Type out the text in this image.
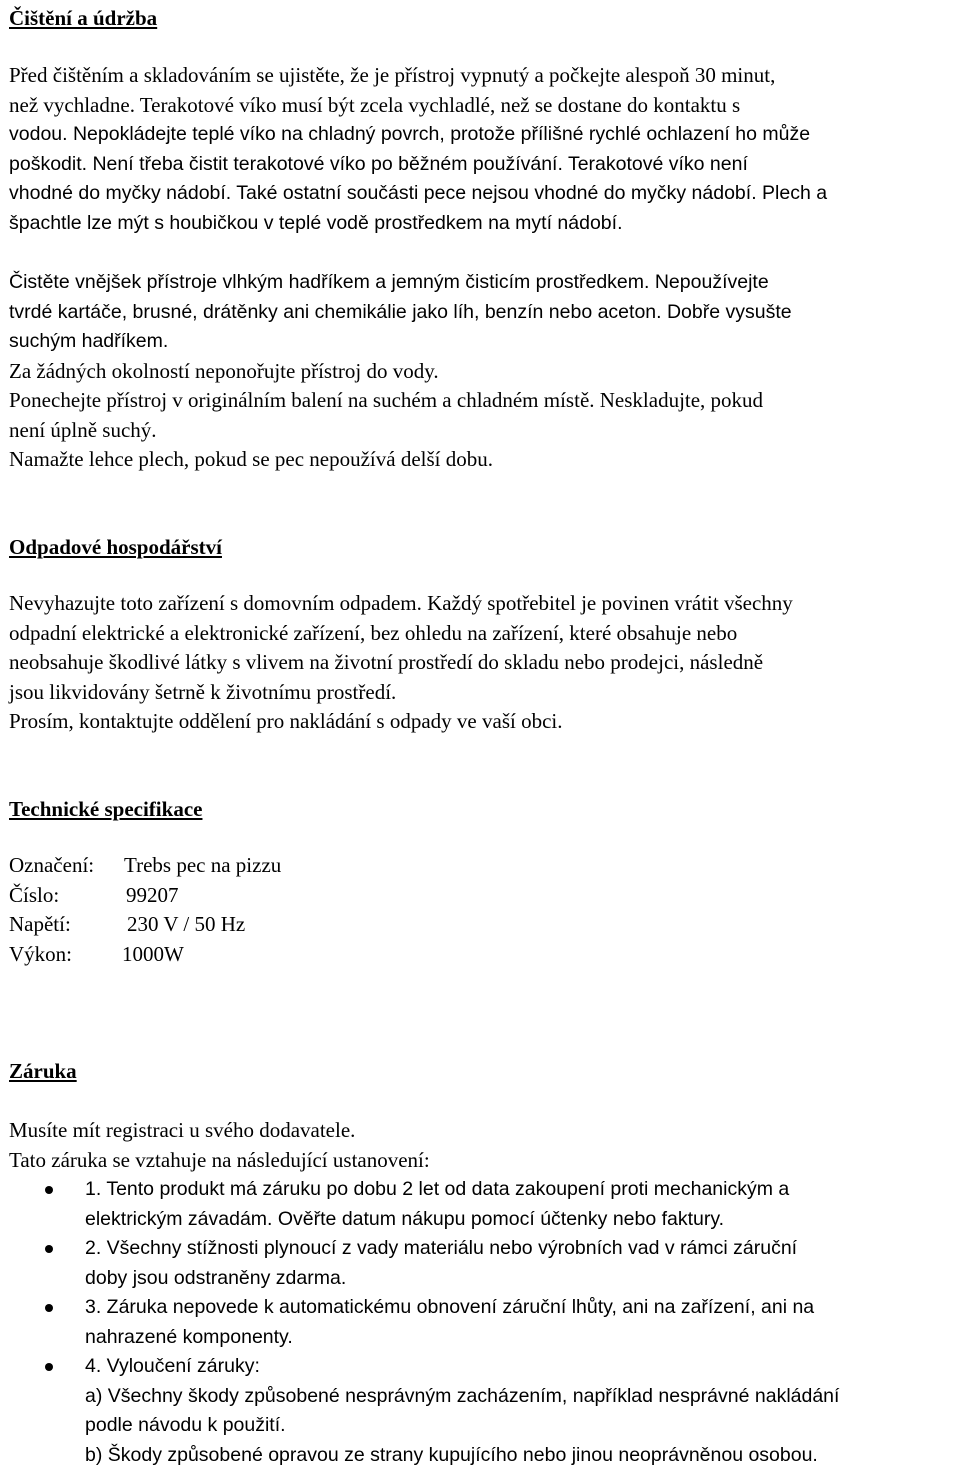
Čištění a údržba
Před čištěním a skladováním se ujistěte, že je přístroj vypnutý a počkejte alespoň 30 minut,
než vychladne. Terakotové víko musí být zcela vychladlé, než se dostane do kontaktu s
vodou. Nepokládejte teplé víko na chladný povrch, protože přílišné rychlé ochlazení ho může
poškodit. Není třeba čistit terakotové víko po běžném používání. Terakotové víko není
vhodné do myčky nádobí. Také ostatní součásti pece nejsou vhodné do myčky nádobí. Plech a
špachtle lze mýt s houbičkou v teplé vodě prostředkem na mytí nádobí.
Čistěte vnějšek přístroje vlhkým hadříkem a jemným čisticím prostředkem. Nepoužívejte
tvrdé kartáče, brusné, drátěnky ani chemikálie jako líh, benzín nebo aceton. Dobře vysušte
suchým hadříkem.
Za žádných okolností neponořujte přístroj do vody.
Ponechejte přístroj v originálním balení na suchém a chladném místě. Neskladujte, pokud
není úplně suchý.
Namažte lehce plech, pokud se pec nepoužívá delší dobu.
Odpadové hospodářství
Nevyhazujte toto zařízení s domovním odpadem. Každý spotřebitel je povinen vrátit všechny
odpadní elektrické a elektronické zařízení, bez ohledu na zařízení, které obsahuje nebo
neobsahuje škodlivé látky s vlivem na životní prostředí do skladu nebo prodejci, následně
jsou likvidovány šetrně k životnímu prostředí.
Prosím, kontaktujte oddělení pro nakládání s odpady ve vaší obci.
Technické specifikace
Označení: Trebs pec na pizzu
Číslo:	99207
Napětí:	230 V / 50 Hz
Výkon: 1000W
Záruka
Musíte mít registraci u svého dodavatele.
Tato záruka se vztahuje na následující ustanovení:
1. Tento produkt má záruku po dobu 2 let od data zakoupení proti mechanickým a
elektrickým závadám. Ověřte datum nákupu pomocí účtenky nebo faktury.
2. Všechny stížnosti plynoucí z vady materiálu nebo výrobních vad v rámci záruční
doby jsou odstraněny zdarma.
3. Záruka nepovede k automatickému obnovení záruční lhůty, ani na zařízení, ani na
nahrazené komponenty.
4. Vyloučení záruky:
a) Všechny škody způsobené nesprávným zacházením, například nesprávné nakládání
podle návodu k použití.
b) Škody způsobené opravou ze strany kupujícího nebo jinou neoprávněnou osobou.
